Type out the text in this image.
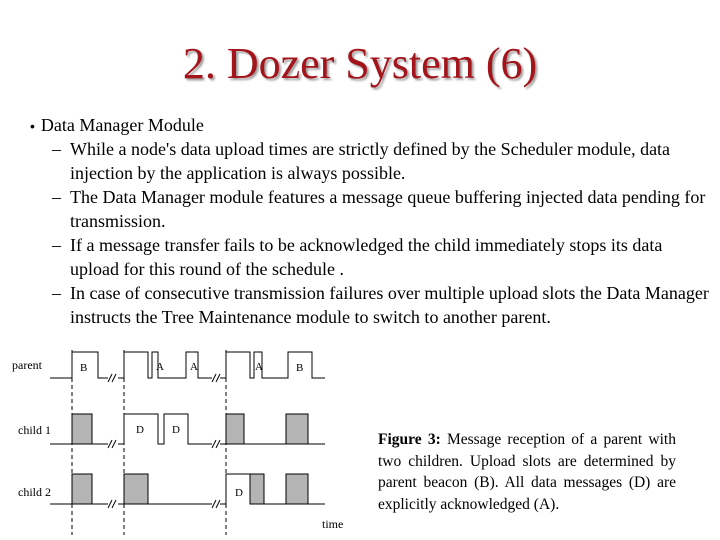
2. Dozer System (6)
• Data Manager Module
– While a node's data upload times are strictly defined by the Scheduler module, data injection by the application is always possible.
– The Data Manager module features a message queue buffering injected data pending for transmission.
– If a message transfer fails to be acknowledged the child immediately stops its data upload for this round of the schedule .
– In case of consecutive transmission failures over multiple upload slots the Data Manager instructs the Tree Maintenance module to switch to another parent.
parent	B	A A	A	B
child 1	D	D
child 2	D
time
Figure 3: Message reception of a parent with two children. Upload slots are determined by parent beacon (B). All data messages (D) are explicitly acknowledged (A).
